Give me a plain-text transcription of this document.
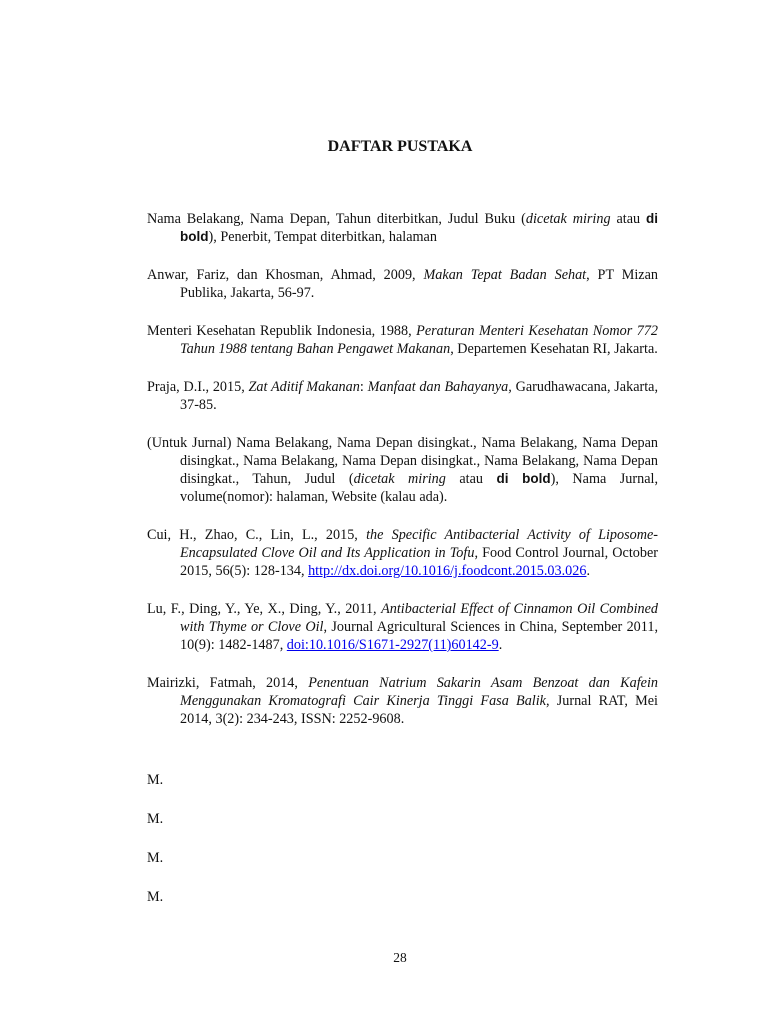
DAFTAR PUSTAKA

Nama Belakang, Nama Depan, Tahun diterbitkan, Judul Buku (dicetak miring atau di bold), Penerbit, Tempat diterbitkan, halaman

Anwar, Fariz, dan Khosman, Ahmad, 2009, Makan Tepat Badan Sehat, PT Mizan Publika, Jakarta, 56-97.

Menteri Kesehatan Republik Indonesia, 1988, Peraturan Menteri Kesehatan Nomor 772 Tahun 1988 tentang Bahan Pengawet Makanan, Departemen Kesehatan RI, Jakarta.

Praja, D.I., 2015, Zat Aditif Makanan: Manfaat dan Bahayanya, Garudhawacana, Jakarta, 37-85.

(Untuk Jurnal) Nama Belakang, Nama Depan disingkat., Nama Belakang, Nama Depan disingkat., Nama Belakang, Nama Depan disingkat., Nama Belakang, Nama Depan disingkat., Tahun, Judul (dicetak miring atau di bold), Nama Jurnal, volume(nomor): halaman, Website (kalau ada).

Cui, H., Zhao, C., Lin, L., 2015, the Specific Antibacterial Activity of Liposome-Encapsulated Clove Oil and Its Application in Tofu, Food Control Journal, October 2015, 56(5): 128-134, http://dx.doi.org/10.1016/j.foodcont.2015.03.026.

Lu, F., Ding, Y., Ye, X., Ding, Y., 2011, Antibacterial Effect of Cinnamon Oil Combined with Thyme or Clove Oil, Journal Agricultural Sciences in China, September 2011, 10(9): 1482-1487, doi:10.1016/S1671-2927(11)60142-9.

Mairizki, Fatmah, 2014, Penentuan Natrium Sakarin Asam Benzoat dan Kafein Menggunakan Kromatografi Cair Kinerja Tinggi Fasa Balik, Jurnal RAT, Mei 2014, 3(2): 234-243, ISSN: 2252-9608.

M.

M.

M.

M.

28
